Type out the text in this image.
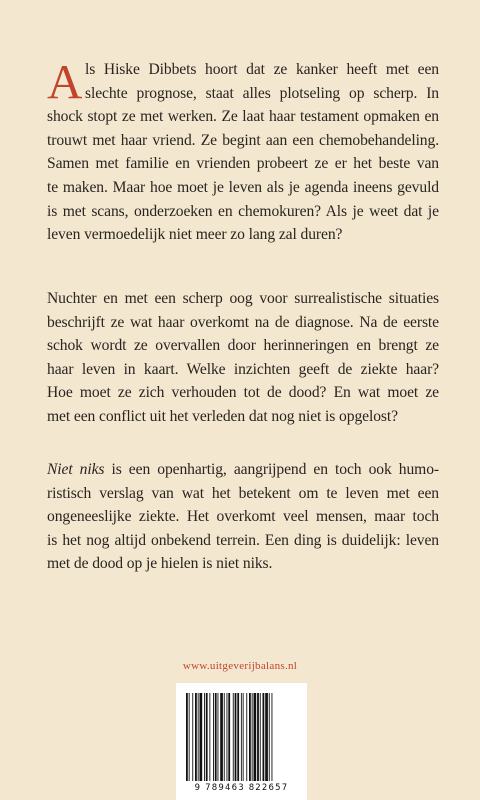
A ls Hiske Dibbets hoort dat ze kanker heeft met een
slechte prognose, staat alles plotseling op scherp. In
shock stopt ze met werken. Ze laat haar testament opmaken en
trouwt met haar vriend. Ze begint aan een chemobehandeling.
Samen met familie en vrienden probeert ze er het beste van
te maken. Maar hoe moet je leven als je agenda ineens gevuld
is met scans, onderzoeken en chemokuren? Als je weet dat je
leven vermoedelijk niet meer zo lang zal duren?
Nuchter en met een scherp oog voor surrealistische situaties
beschrijft ze wat haar overkomt na de diagnose. Na de eerste
schok wordt ze overvallen door herinneringen en brengt ze
haar leven in kaart. Welke inzichten geeft de ziekte haar?
Hoe moet ze zich verhouden tot de dood? En wat moet ze
met een conflict uit het verleden dat nog niet is opgelost?
Niet niks is een openhartig, aangrijpend en toch ook humo-
ristisch verslag van wat het betekent om te leven met een
ongeneeslijke ziekte. Het overkomt veel mensen, maar toch
is het nog altijd onbekend terrein. Een ding is duidelijk: leven
met de dood op je hielen is niet niks.
www.uitgeverijbalans.nl
9 789463 822657
